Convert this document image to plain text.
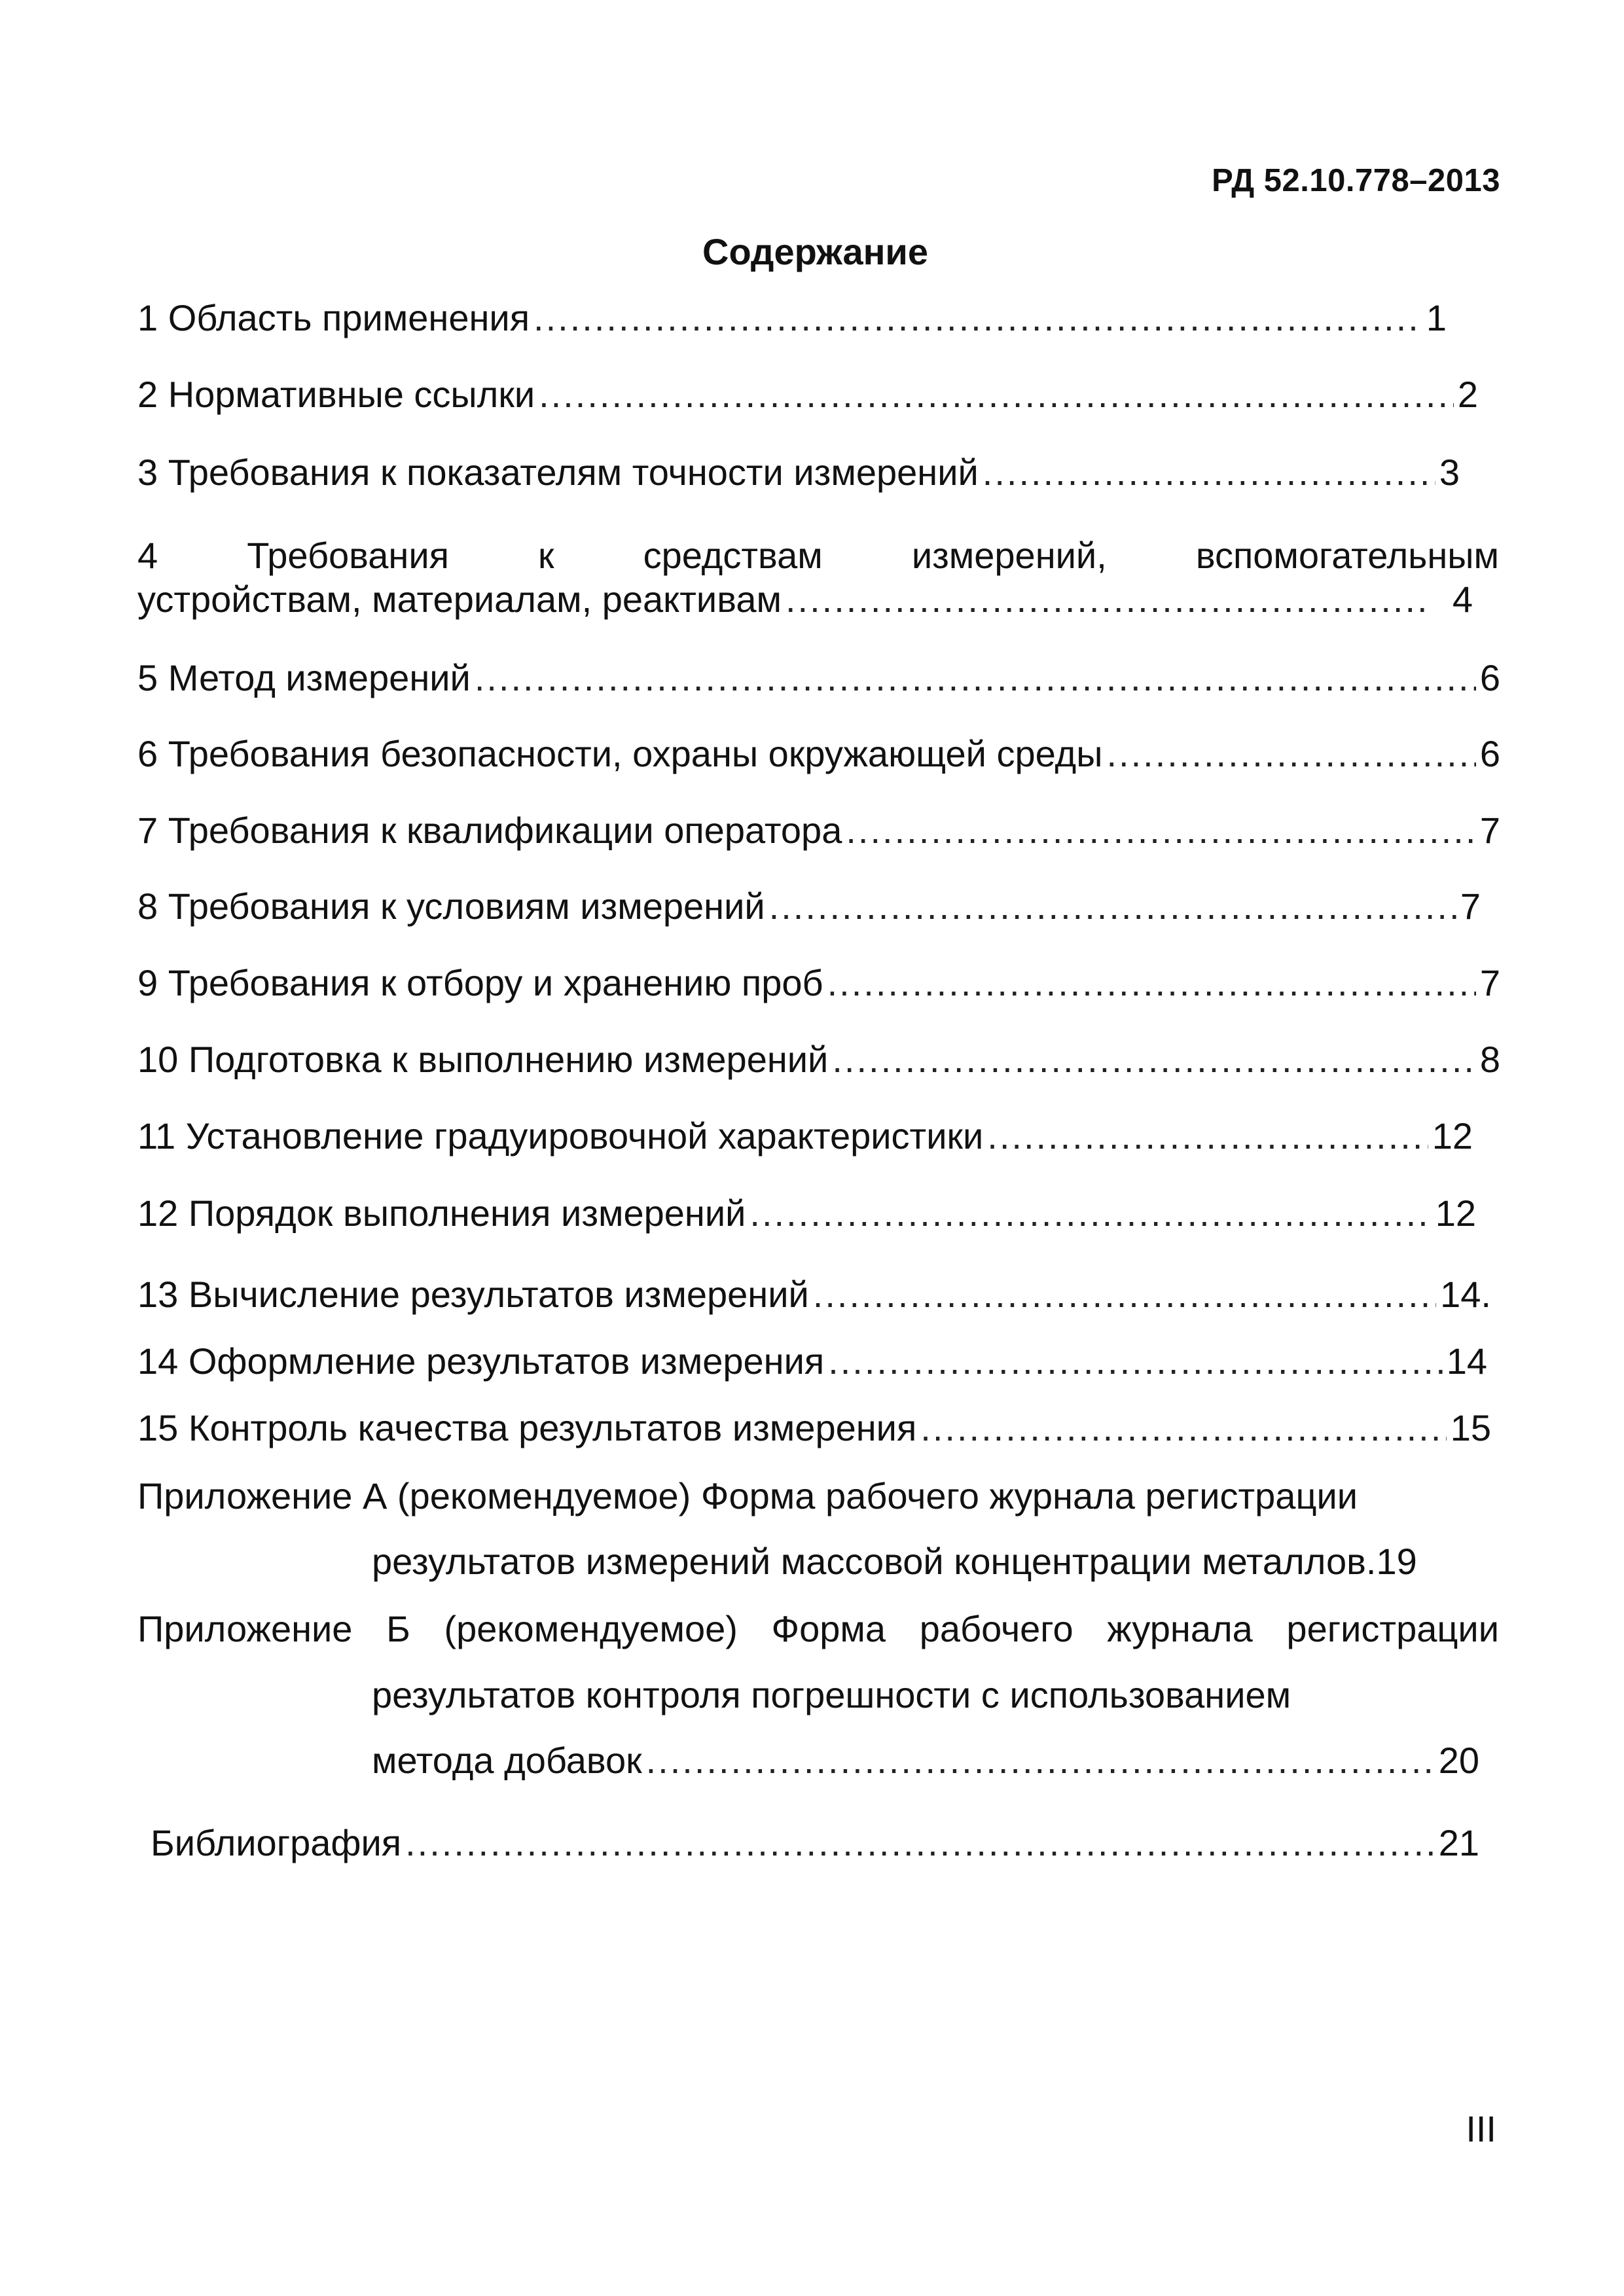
РД 52.10.778–2013
Содержание
1 Область применения .....	1
2 Нормативные ссылки .....	2
3 Требования к показателям точности измерений .....	3
4 Требования к средствам измерений, вспомогательным
устройствам, материалам, реактивам .....	4
5 Метод измерений .....	6
6 Требования безопасности, охраны окружающей среды .....	6
7 Требования к квалификации оператора .....	7
8 Требования к условиям измерений .....	7
9 Требования к отбору и хранению проб .....	7
10 Подготовка к выполнению измерений .....	8
11 Установление градуировочной характеристики .....	12
12 Порядок выполнения измерений .....	12
13 Вычисление результатов измерений .....	14.
14 Оформление результатов измерения .....	14
15 Контроль качества результатов измерения .....	15
Приложение А (рекомендуемое) Форма рабочего журнала регистрации
результатов измерений массовой концентрации металлов. 19
Приложение Б (рекомендуемое) Форма рабочего журнала регистрации
результатов контроля погрешности с использованием
метода добавок .....	20
Библиография .....	21
III
